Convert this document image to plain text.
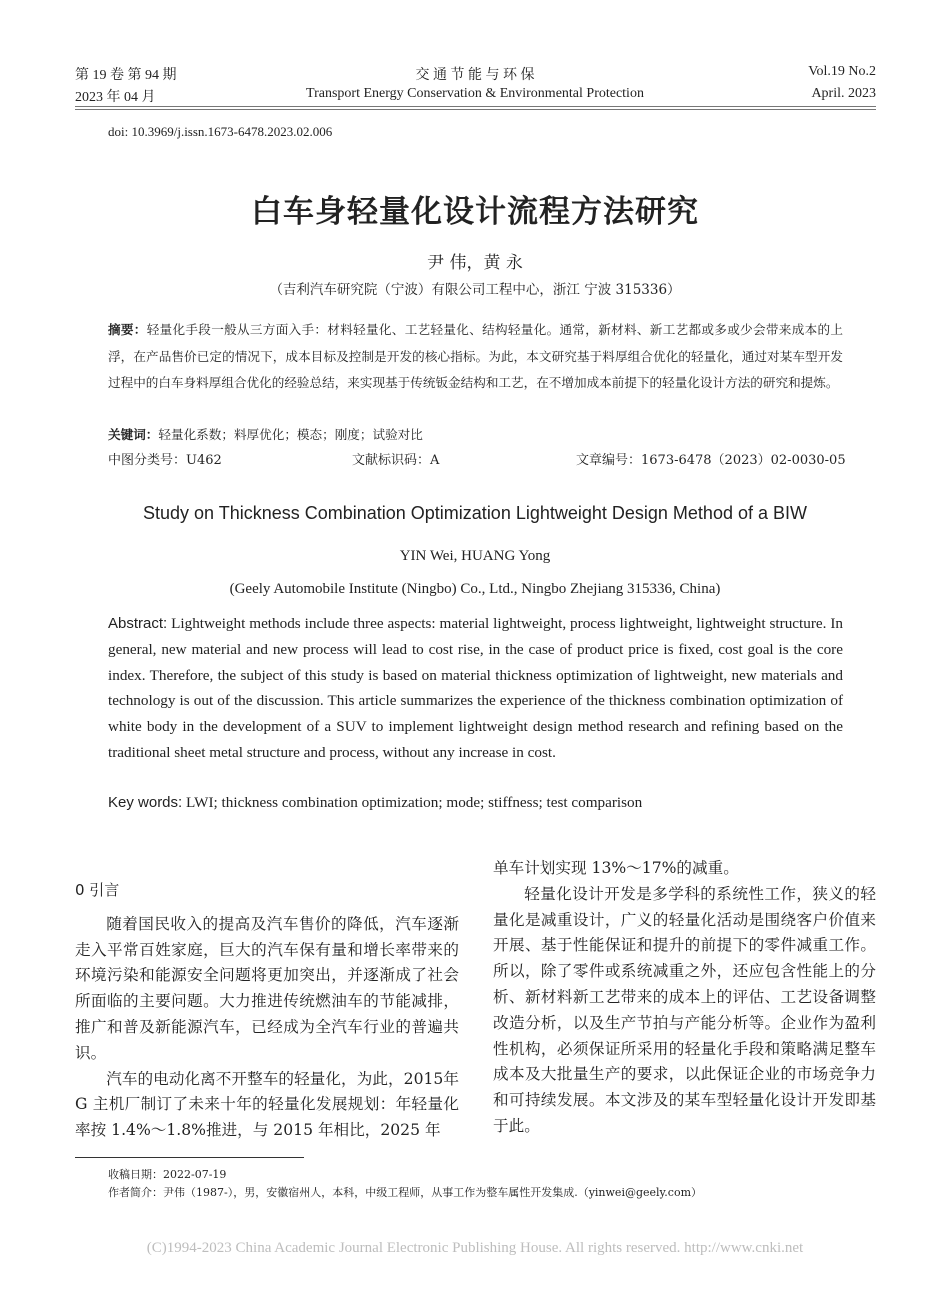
第 19 卷 第 94 期
2023 年 04 月
交 通 节 能 与 环 保
Transport Energy Conservation & Environmental Protection
Vol.19 No.2
April. 2023
doi: 10.3969/j.issn.1673-6478.2023.02.006
白车身轻量化设计流程方法研究
尹 伟，黄 永
（吉利汽车研究院（宁波）有限公司工程中心，浙江 宁波 315336）
摘要：轻量化手段一般从三方面入手：材料轻量化、工艺轻量化、结构轻量化。通常，新材料、新工艺都或多或少会带来成本的上浮，在产品售价已定的情况下，成本目标及控制是开发的核心指标。为此，本文研究基于料厚组合优化的轻量化，通过对某车型开发过程中的白车身料厚组合优化的经验总结，来实现基于传统钣金结构和工艺，在不增加成本前提下的轻量化设计方法的研究和提炼。
关键词：轻量化系数；料厚优化；模态；刚度；试验对比
中图分类号：U462	文献标识码：A	文章编号：1673-6478（2023）02-0030-05
Study on Thickness Combination Optimization Lightweight Design Method of a BIW
YIN Wei, HUANG Yong
(Geely Automobile Institute (Ningbo) Co., Ltd., Ningbo Zhejiang 315336, China)
Abstract: Lightweight methods include three aspects: material lightweight, process lightweight, lightweight structure. In general, new material and new process will lead to cost rise, in the case of product price is fixed, cost goal is the core index. Therefore, the subject of this study is based on material thickness optimization of lightweight, new materials and technology is out of the discussion. This article summarizes the experience of the thickness combination optimization of white body in the development of a SUV to implement lightweight design method research and refining based on the traditional sheet metal structure and process, without any increase in cost.
Key words: LWI; thickness combination optimization; mode; stiffness; test comparison

0 引言

随着国民收入的提高及汽车售价的降低，汽车逐渐走入平常百姓家庭，巨大的汽车保有量和增长率带来的环境污染和能源安全问题将更加突出，并逐渐成了社会所面临的主要问题。大力推进传统燃油车的节能减排，推广和普及新能源汽车，已经成为全汽车行业的普遍共识。

汽车的电动化离不开整车的轻量化，为此，2015年 G 主机厂制订了未来十年的轻量化发展规划：年轻量化率按 1.4%～1.8%推进，与 2015 年相比，2025 年

单车计划实现 13%～17%的减重。

轻量化设计开发是多学科的系统性工作，狭义的轻量化是减重设计，广义的轻量化活动是围绕客户价值来开展、基于性能保证和提升的前提下的零件减重工作。所以，除了零件或系统减重之外，还应包含性能上的分析、新材料新工艺带来的成本上的评估、工艺设备调整改造分析，以及生产节拍与产能分析等。企业作为盈利性机构，必须保证所采用的轻量化手段和策略满足整车成本及大批量生产的要求，以此保证企业的市场竞争力和可持续发展。本文涉及的某车型轻量化设计开发即基于此。

收稿日期：2022-07-19
作者简介：尹伟（1987-），男，安徽宿州人，本科，中级工程师，从事工作为整车属性开发集成.（yinwei@geely.com）
(C)1994-2023 China Academic Journal Electronic Publishing House. All rights reserved. http://www.cnki.net
